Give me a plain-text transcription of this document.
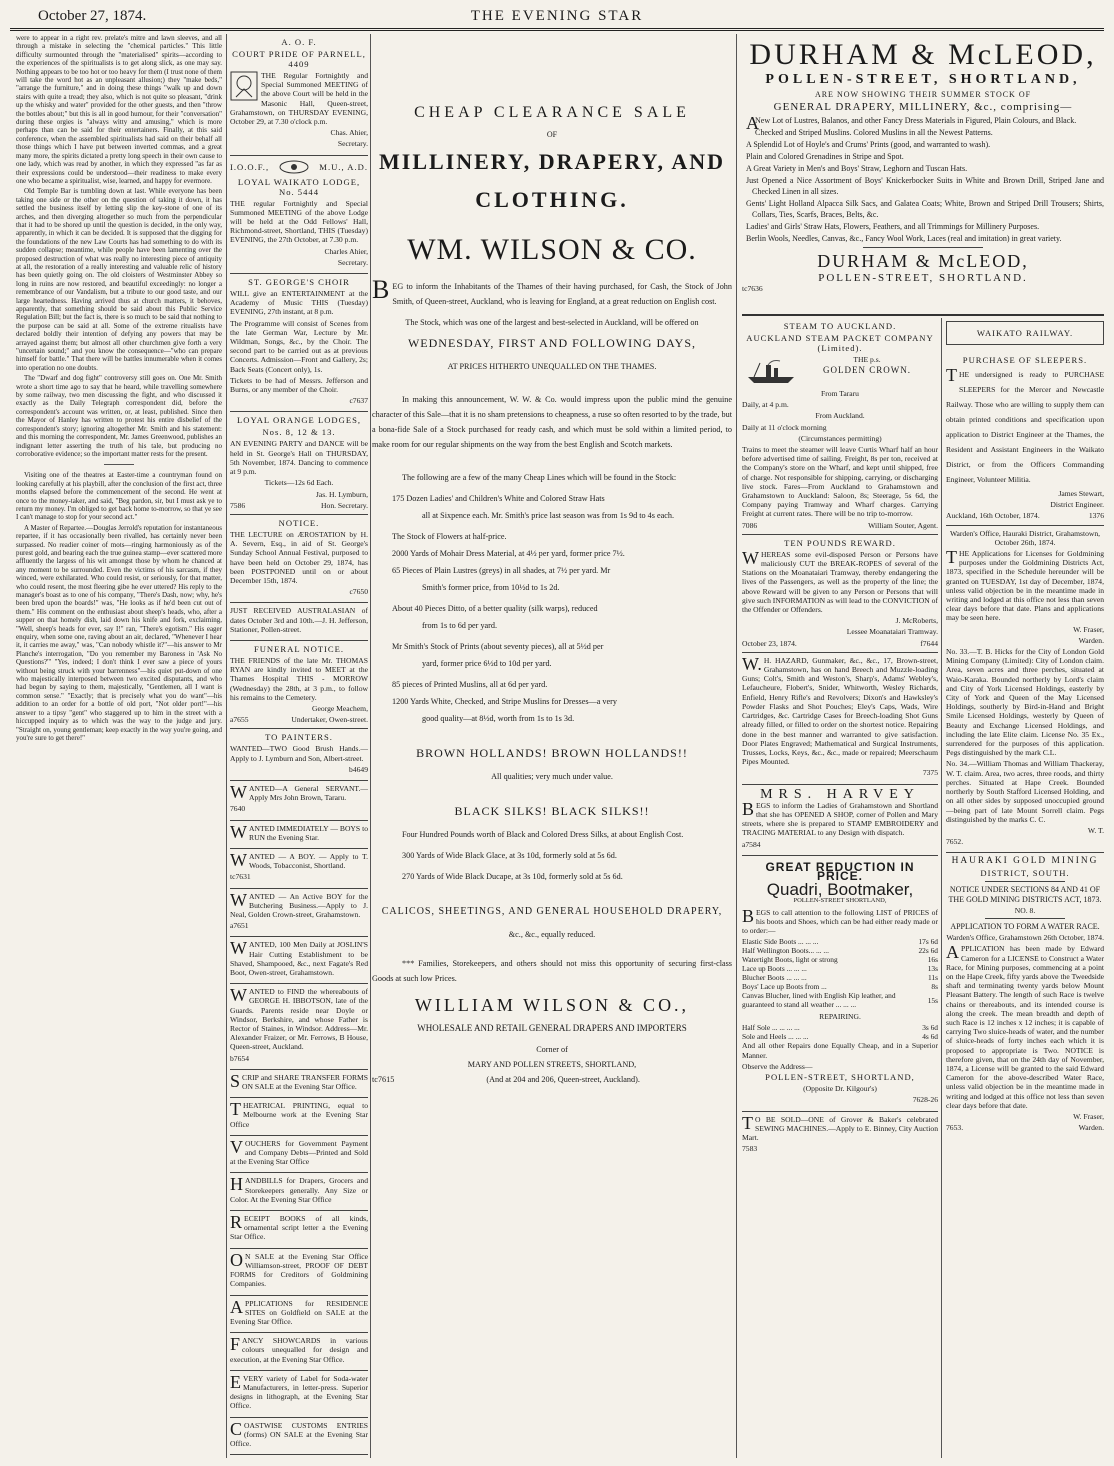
October 27, 1874.	THE EVENING STAR

were to appear in a right rev. prelate's mitre and lawn sleeves, and all through a mistake in selecting the "chemical particles." This little difficulty surmounted through the "materialised" spirits—according to the experiences of the spiritualists is to get along slick, as one may say. Nothing appears to be too hot or too heavy for them (I trust none of them will take the word hot as an unpleasant allusion;) they "make beds," "arrange the furniture," and in doing these things "walk up and down stairs with quite a tread; they also, which is not quite so pleasant, "drink up the whisky and water" provided for the other guests, and then "throw the bottles about;" but this is all in good humour, for their "conversation" during these orgies is "always witty and amusing," which is more perhaps than can be said for their entertainers. Finally, at this said conference, when the assembled spiritualists had said on their behalf all those things which I have put between inverted commas, and a great many more, the spirits dictated a pretty long speech in their own cause to one lady, which was read by another, in which they expressed "as far as their expressions could be understood—their readiness to make every one who became a spiritualist, wise, learned, and happy for evermore.

Old Temple Bar is tumbling down at last. While everyone has been taking one side or the other on the question of taking it down, it has settled the business itself by letting slip the key-stone of one of its arches, and then diverging altogether so much from the perpendicular that it had to be shored up until the question is decided, in the only way, apparently, in which it can be decided. It is supposed that the digging for the foundations of the new Law Courts has had something to do with its sudden collapse; meantime, while people have been lamenting over the proposed destruction of what was really no interesting piece of antiquity at all, the restoration of a really interesting and valuable relic of history has been quietly going on. The old cloisters of Westminster Abbey so long in ruins are now restored, and beautiful exceedingly: no longer a remembrance of our Vandalism, but a tribute to our good taste, and our large heartedness. Having arrived thus at church matters, it behoves, apparently, that something should be said about this Public Service Regulation Bill; but the fact is, there is so much to be said that nothing to the purpose can be said at all. Some of the extreme ritualists have declared boldly their intention of defying any powers that may be arrayed against them; but almost all other churchmen give forth a very "uncertain sound;" and you know the consequence—"who can prepare himself for battle." That there will be battles innumerable when it comes into operation no one doubts.

The "Dwarf and dog fight" controversy still goes on. One Mr. Smith wrote a short time ago to say that he heard, while travelling somewhere by some railway, two men discussing the fight, and who discussed it exactly as the Daily Telegraph correspondent did, before the correspondent's account was written, or, at least, published. Since then the Mayor of Hanley has written to protest his entire disbelief of the correspondent's story; ignoring altogether Mr. Smith and his statement: and this morning the correspondent, Mr. James Greenwood, publishes an indignant letter asserting the truth of his tale, but producing no corroborative evidence; so the important matter rests for the present.

Visiting one of the theatres at Easter-time a countryman found on looking carefully at his playbill, after the conclusion of the first act, three months elapsed before the commencement of the second. He went at once to the money-taker, and said, "Beg pardon, sir, but I must ask ye to return my money. I'm obliged to get back home to-morrow, so that ye see I can't manage to stop for your second act."

A Master of Repartee.—Douglas Jerrold's reputation for instantaneous repartee, if it has occasionally been rivalled, has certainly never been surpassed. No readier coiner of mots—ringing harmoniously as of the purest gold, and bearing each the true guinea stamp—ever scattered more affluently the largess of his wit amongst those by whom he chanced at any moment to be surrounded. Even the victims of his sarcasm, if they winced, were exhilarated. Who could resist, or seriously, for that matter, who could resent, the most fleering gibe he ever uttered? His reply to the manager's boast as to one of his company, "There's Dash, now; why, he's been bred upon the boards!" was, "He looks as if he'd been cut out of them." His comment on the enthusiast about sheep's heads, who, after a supper on that homely dish, laid down his knife and fork, exclaiming, "Well, sheep's heads for ever, say I!" ran, "There's egotism." His eager enquiry, when some one, raving about an air, declared, "Whenever I hear it, it carries me away," was, "Can nobody whistle it?"—his answer to Mr Planche's interrogation, "Do you remember my Baroness in 'Ask No Questions?'" "Yes, indeed; I don't think I ever saw a piece of yours without being struck with your barrenness"—his quiet put-down of one who majestically interposed between two excited disputants, and who had begun by saying to them, majestically, "Gentlemen, all I want is common sense." "Exactly; that is precisely what you do want"—his addition to an order for a bottle of old port, "Not older port!"—his answer to a tipsy "gent" who staggered up to him in the street with a hiccupped inquiry as to which was the way to the judge and jury. "Straight on, young gentleman; keep exactly in the way you're going, and you're sure to get there!"

A. O. F.
COURT PRIDE OF PARNELL, 4409

THE Regular Fortnightly and Special Summoned MEETING of the above Court will be held in the Masonic Hall, Queen-street, Grahamstown, on THURSDAY EVENING, October 29, at 7.30 o'clock p.m.

Chas. Ahier,

Secretary.

I.O.O.F.,	M.U., A.D.
LOYAL WAIKATO LODGE, No. 5444

THE regular Fortnightly and Special Summoned MEETING of the above Lodge will be held at the Odd Fellows' Hall, Richmond-street, Shortland, THIS (Tuesday) EVENING, the 27th October, at 7.30 p.m.

Charles Ahier,

Secretary.

ST. GEORGE'S CHOIR

WILL give an ENTERTAINMENT at the Academy of Music THIS (Tuesday) EVENING, 27th instant, at 8 p.m.

The Programme will consist of Scenes from the late German War, Lecture by Mr. Wildman, Songs, &c., by the Choir. The second part to be carried out as at previous Concerts. Admission—Front and Gallery, 2s; Back Seats (Concert only), 1s.

Tickets to be had of Messrs. Jefferson and Burns, or any member of the Choir.

c7637

LOYAL ORANGE LODGES,
Nos. 8, 12 & 13.

AN EVENING PARTY and DANCE will be held in St. George's Hall on THURSDAY, 5th November, 1874. Dancing to commence at 9 p.m.

Tickets—12s 6d Each.

Jas. H. Lymburn,

7586	Hon. Secretary.
NOTICE.

THE LECTURE on ÆROSTATION by H. A. Severn, Esq., in aid of St. George's Sunday School Annual Festival, purposed to have been held on October 29, 1874, has been POSTPONED until on or about December 15th, 1874.

c7650

JUST RECEIVED AUSTRALASIAN of dates October 3rd and 10th.—J. H. Jefferson, Stationer, Pollen-street.

FUNERAL NOTICE.

THE FRIENDS of the late Mr. THOMAS RYAN are kindly invited to MEET at the Thames Hospital THIS - MORROW (Wednesday) the 28th, at 3 p.m., to follow his remains to the Cemetery.

George Meachem,

a7655	Undertaker, Owen-street.
TO PAINTERS.

WANTED—TWO Good Brush Hands.—Apply to J. Lymburn and Son, Albert-street.

b4649

WANTED—A General SERVANT.—Apply Mrs John Brown, Tararu.

7640

WANTED IMMEDIATELY — BOYS to RUN the Evening Star.

WANTED — A BOY. — Apply to T. Woods, Tobacconist, Shortland.

tc7631

WANTED — An Active BOY for the Butchering Business.—Apply to J. Neal, Golden Crown-street, Grahamstown.

a7651

WANTED, 100 Men Daily at JOSLIN'S Hair Cutting Establishment to be Shaved, Shampooed, &c., next Fagate's Red Boot, Owen-street, Grahamstown.

WANTED to FIND the whereabouts of GEORGE H. IBBOTSON, late of the Guards. Parents reside near Doyle or Windsor, Berkshire, and whose Father is Rector of Staines, in Windsor. Address—Mr. Alexander Fraizer, or Mr. Ferrows, B House, Queen-street, Auckland.

b7654

SCRIP and SHARE TRANSFER FORMS ON SALE at the Evening Star Office.

THEATRICAL PRINTING, equal to Melbourne work at the Evening Star Office

VOUCHERS for Government Payment and Company Debts—Printed and Sold at the Evening Star Office

HANDBILLS for Drapers, Grocers and Storekeepers generally. Any Size or Color. At the Evening Star Office

RECEIPT BOOKS of all kinds, ornamental script letter a the Evening Star Office.

ON SALE at the Evening Star Office Williamson-street, PROOF OF DEBT FORMS for Creditors of Goldmining Companies.

APPLICATIONS for RESIDENCE SITES on Goldfield on SALE at the Evening Star Office.

FANCY SHOWCARDS in various colours unequalled for design and execution, at the Evening Star Office.

EVERY variety of Label for Soda-water Manufacturers, in letter-press. Superior designs in lithograph, at the Evening Star Office.

COASTWISE CUSTOMS ENTRIES (forms) ON SALE at the Evening Star Office.

CHEAP CLEARANCE SALE
OF
MILLINERY, DRAPERY, AND
CLOTHING.
WM. WILSON & CO.

BEG to inform the Inhabitants of the Thames of their having purchased, for Cash, the Stock of John Smith, of Queen-street, Auckland, who is leaving for England, at a great reduction on English cost.

The Stock, which was one of the largest and best-selected in Auckland, will be offered on

WEDNESDAY, FIRST AND FOLLOWING DAYS,

AT PRICES HITHERTO UNEQUALLED ON THE THAMES.

In making this announcement, W. W. & Co. would impress upon the public mind the genuine character of this Sale—that it is no sham pretensions to cheapness, a ruse so often resorted to by the trade, but a bona-fide Sale of a Stock purchased for ready cash, and which must be sold within a limited period, to make room for our regular shipments on the way from the best English and Scotch markets.

The following are a few of the many Cheap Lines which will be found in the Stock:

175 Dozen Ladies' and Children's White and Colored Straw Hats

all at Sixpence each. Mr. Smith's price last season was from 1s 9d to 4s each.

The Stock of Flowers at half-price.

2000 Yards of Mohair Dress Material, at 4½ per yard, former price 7½.

65 Pieces of Plain Lustres (greys) in all shades, at 7½ per yard. Mr

Smith's former price, from 10½d to 1s 2d.

About 40 Pieces Ditto, of a better quality (silk warps), reduced

from 1s to 6d per yard.

Mr Smith's Stock of Prints (about seventy pieces), all at 5½d per

yard, former price 6½d to 10d per yard.

85 pieces of Printed Muslins, all at 6d per yard.

1200 Yards White, Checked, and Stripe Muslins for Dresses—a very

good quality—at 8½d, worth from 1s to 1s 3d.

BROWN HOLLANDS! BROWN HOLLANDS!!

All qualities; very much under value.

BLACK SILKS! BLACK SILKS!!

Four Hundred Pounds worth of Black and Colored Dress Silks, at about English Cost.

300 Yards of Wide Black Glace, at 3s 10d, formerly sold at 5s 6d.

270 Yards of Wide Black Ducape, at 3s 10d, formerly sold at 5s 6d.

CALICOS, SHEETINGS, AND GENERAL HOUSEHOLD DRAPERY,

&c., &c., equally reduced.

*** Families, Storekeepers, and others should not miss this opportunity of securing first-class Goods at such low Prices.

WILLIAM WILSON & CO.,

WHOLESALE AND RETAIL GENERAL DRAPERS AND IMPORTERS

Corner of

MARY AND POLLEN STREETS, SHORTLAND,

tc7615	(And at 204 and 206, Queen-street, Auckland).
DURHAM & McLEOD,
POLLEN-STREET, SHORTLAND,
ARE NOW SHOWING THEIR SUMMER STOCK OF
GENERAL DRAPERY, MILLINERY, &c., comprising—

ANew Lot of Lustres, Balanos, and other Fancy Dress Materials in Figured, Plain Colours, and Black.

Checked and Striped Muslins. Colored Muslins in all the Newest Patterns.

A Splendid Lot of Hoyle's and Crums' Prints (good, and warranted to wash).

Plain and Colored Grenadines in Stripe and Spot.

A Great Variety in Men's and Boys' Straw, Leghorn and Tuscan Hats.

Just Opened a Nice Assortment of Boys' Knickerbocker Suits in White and Brown Drill, Striped Jane and Checked Linen in all sizes.

Gents' Light Holland Alpacca Silk Sacs, and Galatea Coats; White, Brown and Striped Drill Trousers; Shirts, Collars, Ties, Scarfs, Braces, Belts, &c.

Ladies' and Girls' Straw Hats, Flowers, Feathers, and all Trimmings for Millinery Purposes.

Berlin Wools, Needles, Canvas, &c., Fancy Wool Work, Laces (real and imitation) in great variety.

DURHAM & McLEOD,
POLLEN-STREET, SHORTLAND.
tc7636
STEAM TO AUCKLAND.
AUCKLAND STEAM PACKET COMPANY (Limited).

THE p.s.

GOLDEN CROWN.

From Tararu

Daily, at 4 p.m.

From Auckland.

Daily at 11 o'clock morning

(Circumstances permitting)

Trains to meet the steamer will leave Curtis Wharf half an hour before advertised time of sailing. Freight, 8s per ton, received at the Company's store on the Wharf, and kept until shipped, free of charge. Not responsible for shipping, carrying, or discharging live stock. Fares—From Auckland to Grahamstown and Grahamstown to Auckland: Saloon, 8s; Steerage, 5s 6d, the Company paying Tramway and Wharf charges. Carrying Freight at current rates. There will be no trip to-morrow.

7086	William Souter, Agent.
TEN POUNDS REWARD.

WHEREAS some evil-disposed Person or Persons have maliciously CUT the BREAK-ROPES of several of the Stations on the Moanataiari Tramway, thereby endangering the lives of the Passengers, as well as the property of the line; the above Reward will be given to any Person or Persons that will give such INFORMATION as will lead to the CONVICTION of the Offender or Offenders.

J. McRoberts,

Lessee Moanataiari Tramway.

October 23, 1874.	f7644

W.H. HAZARD, Gunmaker, &c., &c., 17, Brown-street, Grahamstown, has on hand Breech and Muzzle-loading Guns; Colt's, Smith and Weston's, Sharp's, Adams' Webley's, Lefaucheure, Flobert's, Snider, Whitworth, Wesley Richards, Enfield, Henry Rifle's and Revolvers; Dixon's and Hawksley's Powder Flasks and Shot Pouches; Eley's Caps, Wads, Wire Cartridges, &c. Cartridge Cases for Breech-loading Shot Guns already filled, or filled to order on the shortest notice. Repairing done in the best manner and warranted to give satisfaction. Door Plates Engraved; Mathematical and Surgical Instruments, Trusses, Locks, Keys, &c., &c., made or repaired; Meerschaum Pipes Mounted.

7375

MRS. HARVEY

BEGS to inform the Ladies of Grahamstown and Shortland that she has OPENED A SHOP, corner of Pollen and Mary streets, where she is prepared to STAMP EMBROIDERY and TRACING MATERIAL to any Design with dispatch.

a7584

GREAT REDUCTION IN PRICE.
Quadri, Bootmaker,

POLLEN-STREET SHORTLAND,

BEGS to call attention to the following LIST of PRICES of his boots and Shoes, which can be had either ready made or to order:—

Elastic Side Boots ... ... ...	17s 6d
Half Wellington Boots... ... ...	22s 6d
Watertight Boots, light or strong	16s
Lace up Boots ... ... ...	13s
Blucher Boots ... ... ...	11s
Boys' Lace up Boots from ...	8s
Canvas Blucher, lined with English Kip leather, and guaranteed to stand all weather ... ... ...	15s

REPAIRING.

Half Sole ... ... ... ...	3s 6d
Sole and Heels ... ... ...	4s 6d

And all other Repairs done Equally Cheap, and in a Superior Manner.

Observe the Address—

POLLEN-STREET, SHORTLAND,

(Opposite Dr. Kilgour's)

7628-26

TO BE SOLD—ONE of Grover & Baker's celebrated SEWING MACHINES.—Apply to E. Binney, City Auction Mart.

7583

WAIKATO RAILWAY.
PURCHASE OF SLEEPERS.

THE undersigned is ready to PURCHASE SLEEPERS for the Mercer and Newcastle Railway. Those who are willing to supply them can obtain printed conditions and specification upon application to District Engineer at the Thames, the Resident and Assistant Engineers in the Waikato District, or from the Officers Commanding Engineer, Volunteer Militia.

James Stewart,

District Engineer.

Auckland, 16th October, 1874.	1376

Warden's Office, Hauraki District, Grahamstown, October 26th, 1874.

THE Applications for Licenses for Goldmining purposes under the Goldmining Districts Act, 1873, specified in the Schedule hereunder will be granted on TUESDAY, 1st day of December, 1874, unless valid objection be in the meantime made in writing and lodged at this office not less than seven clear days before that date. Plans and applications may be seen here.

W. Fraser,

Warden.

No. 33.—T. B. Hicks for the City of London Gold Mining Company (Limited): City of London claim. Area, seven acres and three perches, situated at Waio-Karaka. Bounded northerly by Lord's claim and City of York Licensed Holdings, easterly by City of York and Queen of the May Licensed Holdings, southerly by Bird-in-Hand and Bright Smile Licensed Holdings, westerly by Queen of Beauty and Exchange Licensed Holdings, and including the late Elite claim. License No. 35 Ex., surrendered for the purposes of this application. Pegs distinguished by the mark C.L.

No. 34.—William Thomas and William Thackeray, W. T. claim. Area, two acres, three roods, and thirty perches. Situated at Hape Creek. Bounded northerly by South Stafford Licensed Holding, and on all other sides by supposed unoccupied ground—being part of late Mount Sorrell claim. Pegs distinguished by the marks C. C.

W. T.

7652.

HAURAKI GOLD MINING
DISTRICT, SOUTH.

NOTICE UNDER SECTIONS 84 AND 41 OF THE GOLD MINING DISTRICTS ACT, 1873.

NO. 8.

APPLICATION TO FORM A WATER RACE.

Warden's Office, Grahamstown 26th October, 1874.

APPLICATION has been made by Edward Cameron for a LICENSE to Construct a Water Race, for Mining purposes, commencing at a point on the Hape Creek, fifty yards above the Tweedside shaft and terminating twenty yards below Mount Pleasant Battery. The length of such Race is twelve chains or thereabouts, and its intended course is along the creek. The mean breadth and depth of such Race is 12 inches x 12 inches; it is capable of carrying Two sluice-heads of water, and the number of sluice-heads of forty inches each which it is proposed to appropriate is Two. NOTICE is therefore given, that on the 24th day of November, 1874, a License will be granted to the said Edward Cameron for the above-described Water Race, unless valid objection be in the meantime made in writing and lodged at this office not less than seven clear days before that date.

W. Fraser,

7653.	Warden.
